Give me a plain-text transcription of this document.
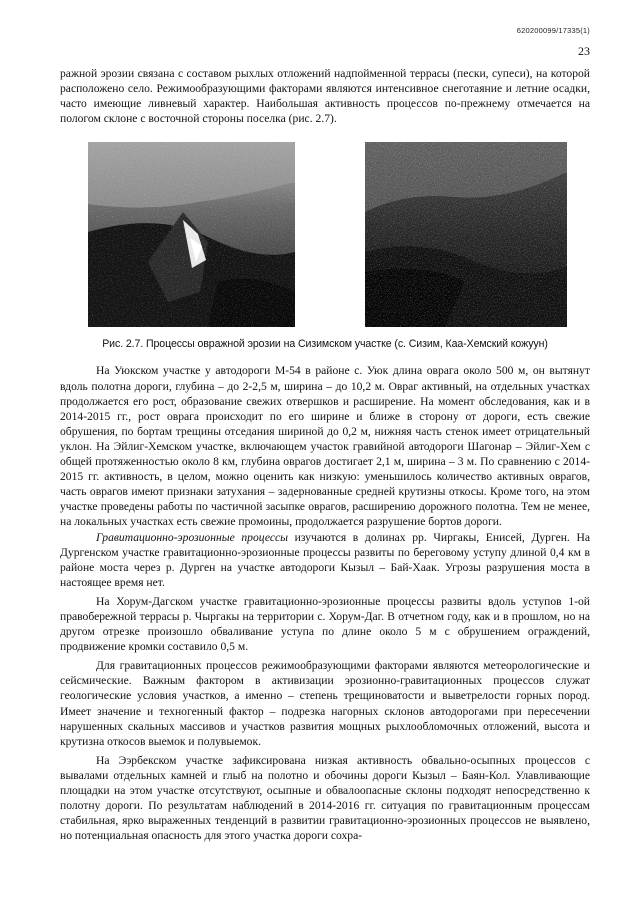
620200099/17335(1)
23

ражной эрозии связана с составом рыхлых отложений надпойменной террасы (пески, супеси), на которой расположено село. Режимообразующими факторами являются интенсивное снеготаяние и летние осадки, часто имеющие ливневый характер. Наибольшая активность процессов по-прежнему отмечается на пологом склоне с восточной стороны поселка (рис. 2.7).

Рис. 2.7. Процессы овражной эрозии на Сизимском участке (с. Сизим, Каа-Хемский кожуун)

На Уюкском участке у автодороги М-54 в районе с. Уюк длина оврага около 500 м, он вытянут вдоль полотна дороги, глубина – до 2-2,5 м, ширина – до 10,2 м. Овраг активный, на отдельных участках продолжается его рост, образование свежих отвершков и расширение. На момент обследования, как и в 2014-2015 гг., рост оврага происходит по его ширине и ближе в сторону от дороги, есть свежие обрушения, по бортам трещины отседания шириной до 0,2 м, нижняя часть стенок имеет отрицательный уклон. На Эйлиг-Хемском участке, включающем участок гравийной автодороги Шагонар – Эйлиг-Хем с общей протяженностью около 8 км, глубина оврагов достигает 2,1 м, ширина – 3 м. По сравнению с 2014-2015 гг. активность, в целом, можно оценить как низкую: уменьшилось количество активных оврагов, часть оврагов имеют признаки затухания – задернованные средней крутизны откосы. Кроме того, на этом участке проведены работы по частичной засыпке оврагов, расширению дорожного полотна. Тем не менее, на локальных участках есть свежие промоины, продолжается разрушение бортов дороги.

Гравитационно-эрозионные процессы изучаются в долинах рр. Чиргакы, Енисей, Дурген. На Дургенском участке гравитационно-эрозионные процессы развиты по береговому уступу длиной 0,4 км в районе моста через р. Дурген на участке автодороги Кызыл – Бай-Хаак. Угрозы разрушения моста в настоящее время нет.

На Хорум-Дагском участке гравитационно-эрозионные процессы развиты вдоль уступов 1-ой правобережной террасы р. Чыргакы на территории с. Хорум-Даг. В отчетном году, как и в прошлом, но на другом отрезке произошло обваливание уступа по длине около 5 м с обрушением ограждений, продвижение кромки составило 0,5 м.

Для гравитационных процессов режимообразующими факторами являются метеорологические и сейсмические. Важным фактором в активизации эрозионно-гравитационных процессов служат геологические условия участков, а именно – степень трещиноватости и выветрелости горных пород. Имеет значение и техногенный фактор – подрезка нагорных склонов автодорогами при пересечении нарушенных скальных массивов и участков развития мощных рыхлообломочных отложений, высота и крутизна откосов выемок и полувыемок.

На Ээрбекском участке зафиксирована низкая активность обвально-осыпных процессов с вывалами отдельных камней и глыб на полотно и обочины дороги Кызыл – Баян-Кол. Улавливающие площадки на этом участке отсутствуют, осыпные и обвалоопасные склоны подходят непосредственно к полотну дороги. По результатам наблюдений в 2014-2016 гг. ситуация по гравитационным процессам стабильная, ярко выраженных тенденций в развитии гравитационно-эрозионных процессов не выявлено, но потенциальная опасность для этого участка дороги сохра-
